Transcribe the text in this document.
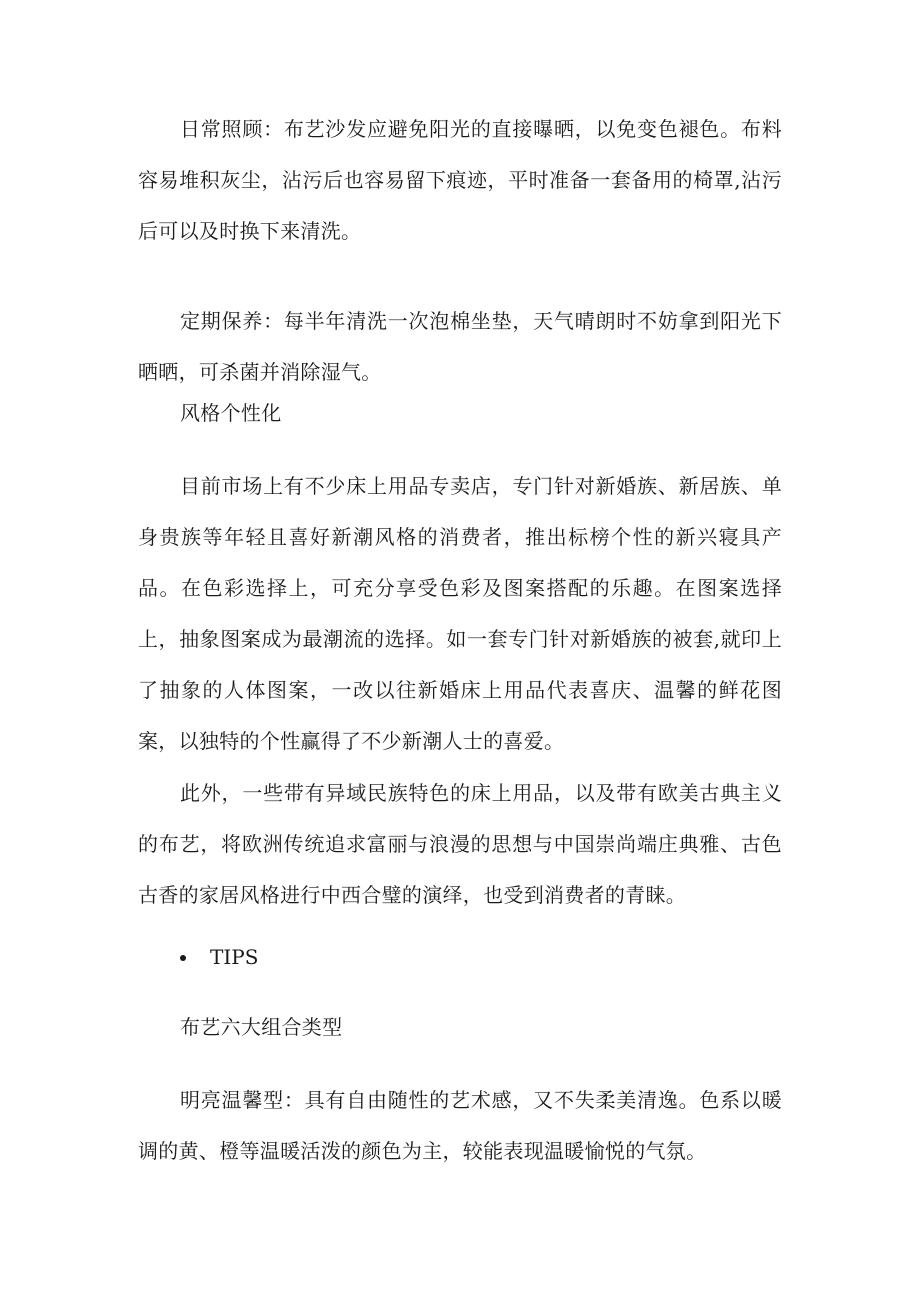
日常照顾：布艺沙发应避免阳光的直接曝晒，以免变色褪色。布料容易堆积灰尘，沾污后也容易留下痕迹，平时准备一套备用的椅罩,沾污后可以及时换下来清洗。

定期保养：每半年清洗一次泡棉坐垫，天气晴朗时不妨拿到阳光下晒晒，可杀菌并消除湿气。

风格个性化

目前市场上有不少床上用品专卖店，专门针对新婚族、新居族、单身贵族等年轻且喜好新潮风格的消费者，推出标榜个性的新兴寝具产品。在色彩选择上，可充分享受色彩及图案搭配的乐趣。在图案选择上，抽象图案成为最潮流的选择。如一套专门针对新婚族的被套,就印上了抽象的人体图案，一改以往新婚床上用品代表喜庆、温馨的鲜花图案，以独特的个性赢得了不少新潮人士的喜爱。

此外，一些带有异域民族特色的床上用品，以及带有欧美古典主义的布艺，将欧洲传统追求富丽与浪漫的思想与中国崇尚端庄典雅、古色古香的家居风格进行中西合璧的演绎，也受到消费者的青睐。

TIPS

布艺六大组合类型

明亮温馨型：具有自由随性的艺术感，又不失柔美清逸。色系以暖调的黄、橙等温暖活泼的颜色为主，较能表现温暖愉悦的气氛。
